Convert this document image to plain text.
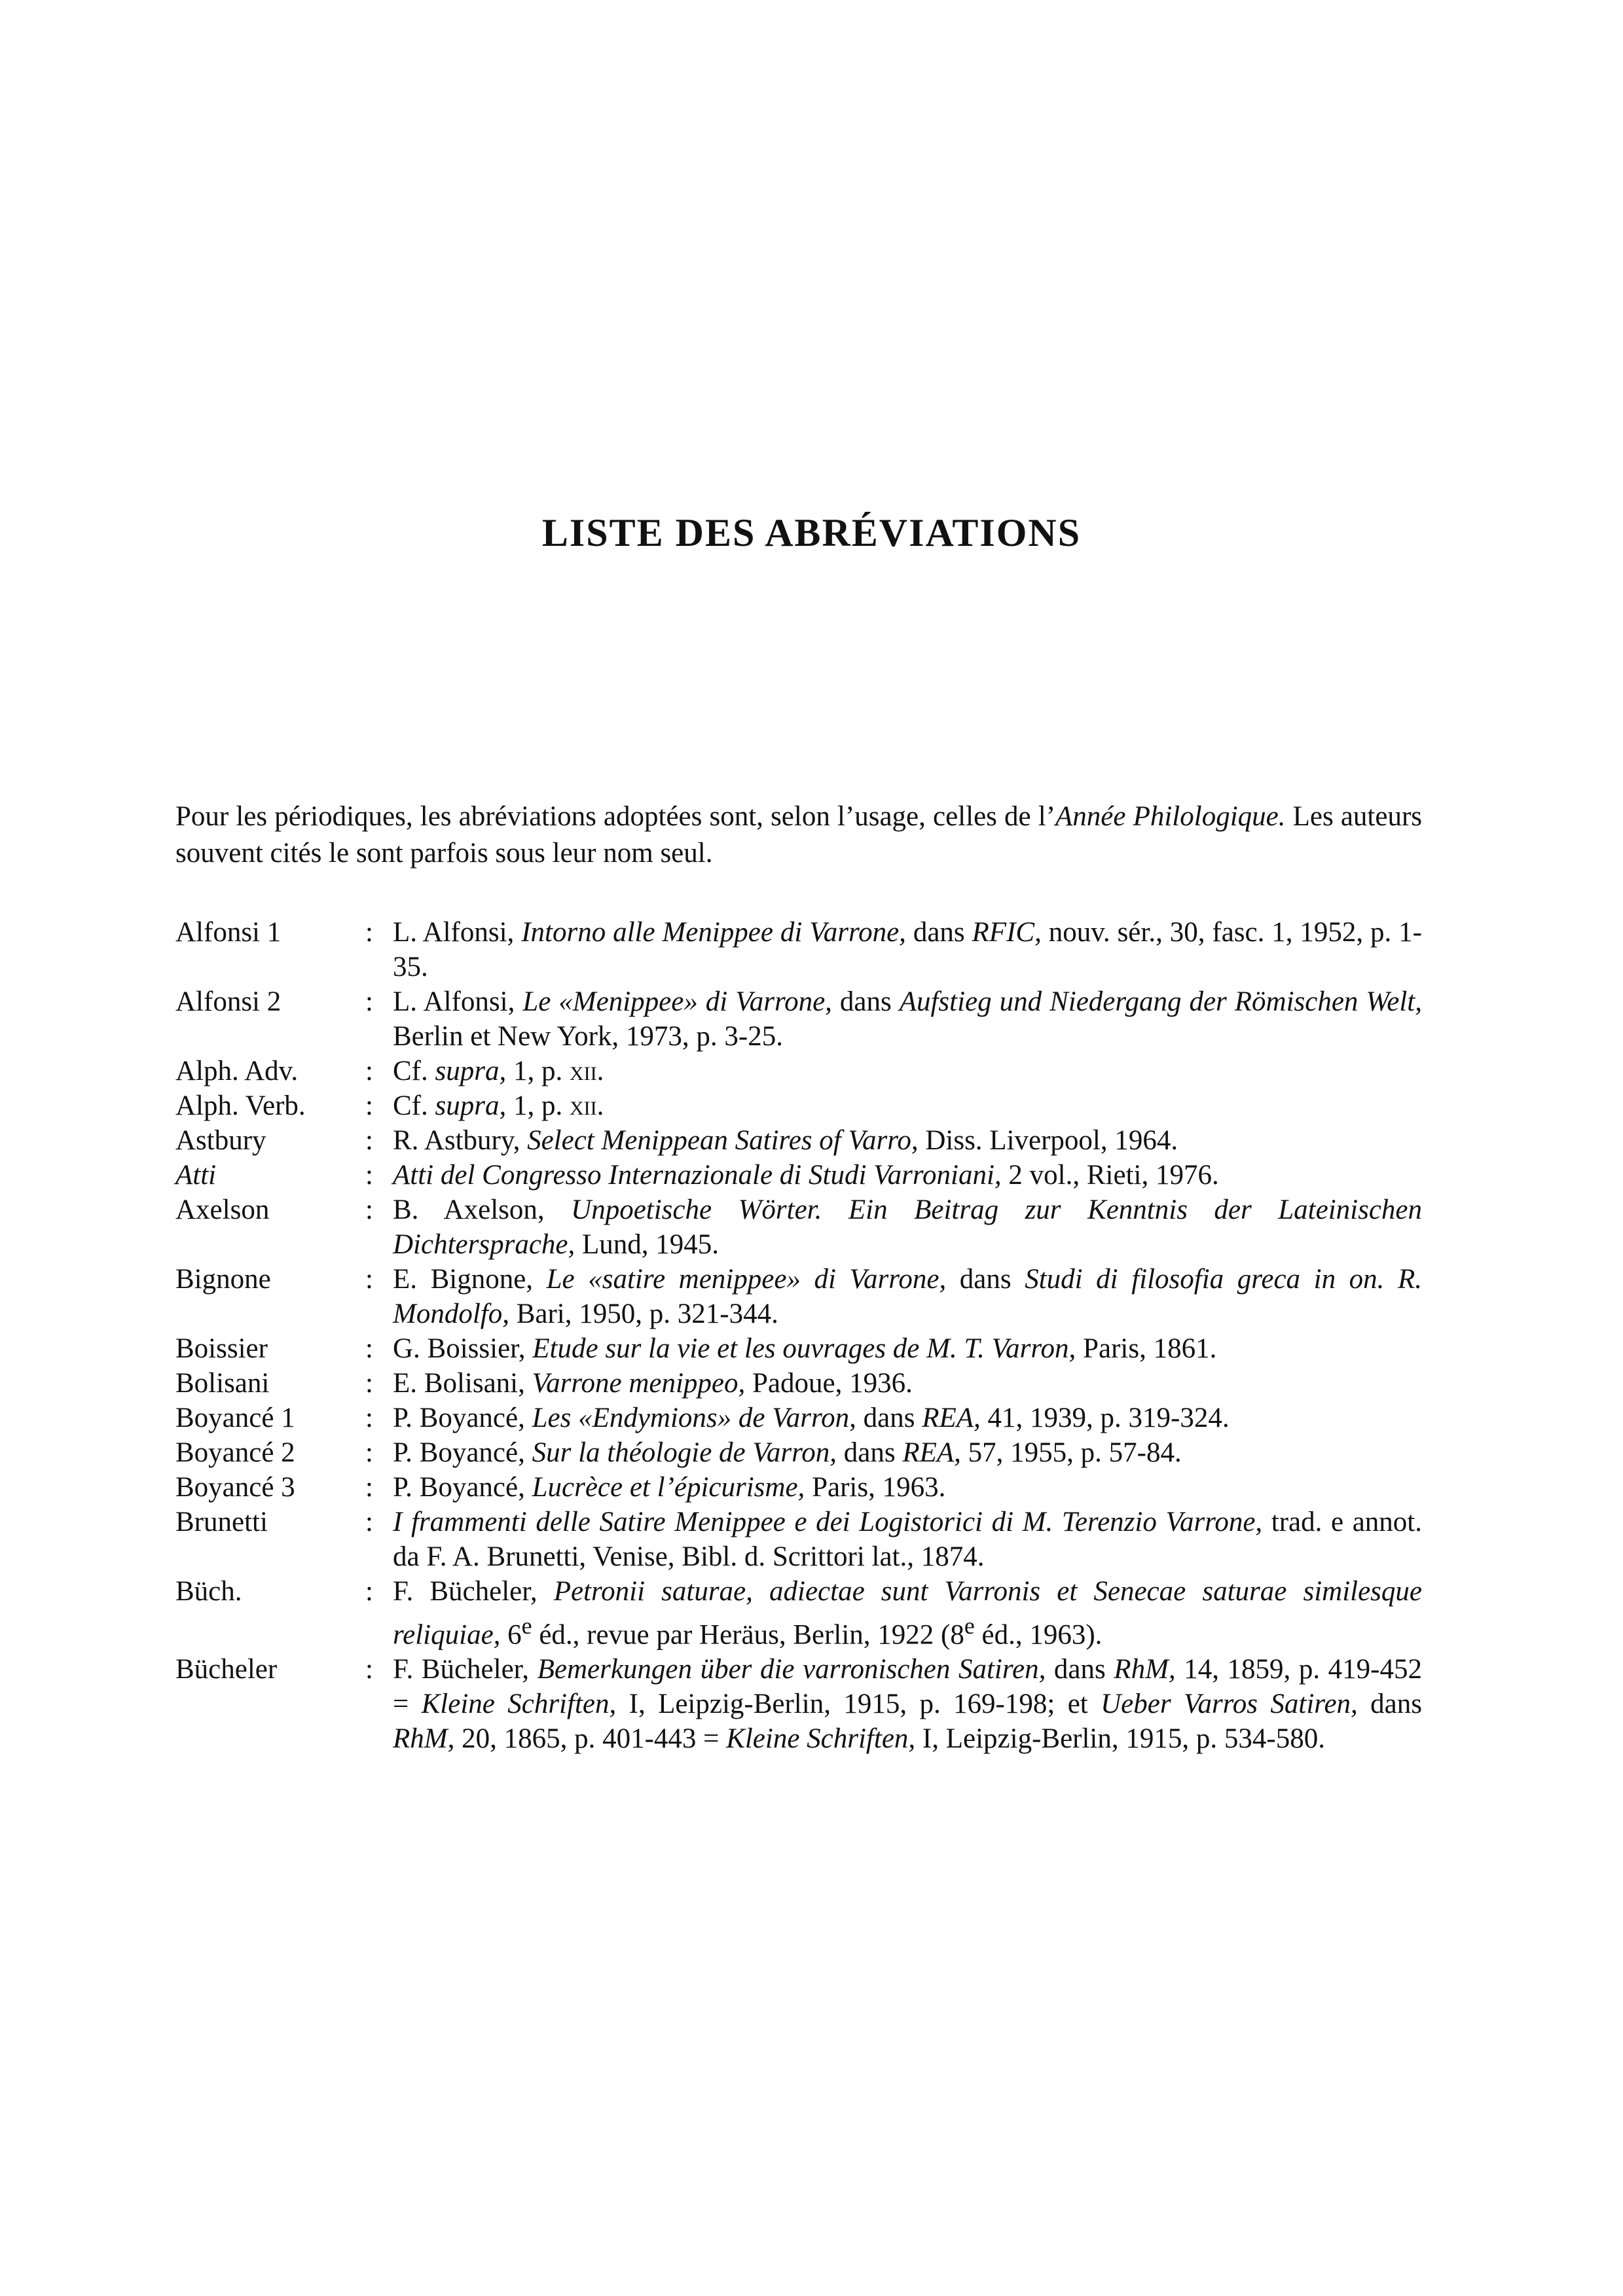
LISTE DES ABRÉVIATIONS

Pour les périodiques, les abréviations adoptées sont, selon l’usage, celles de l’Année Philologique. Les auteurs souvent cités le sont parfois sous leur nom seul.

Alfonsi 1	: L. Alfonsi, Intorno alle Menippee di Varrone, dans RFIC, nouv. sér., 30, fasc. 1, 1952, p. 1-35.
Alfonsi 2	: L. Alfonsi, Le «Menippee» di Varrone, dans Aufstieg und Niedergang der Römischen Welt, Berlin et New York, 1973, p. 3-25.
Alph. Adv.	: Cf. supra, 1, p. xii.
Alph. Verb.	: Cf. supra, 1, p. xii.
Astbury	: R. Astbury, Select Menippean Satires of Varro, Diss. Liverpool, 1964.
Atti	: Atti del Congresso Internazionale di Studi Varroniani, 2 vol., Rieti, 1976.
Axelson	: B. Axelson, Unpoetische Wörter. Ein Beitrag zur Kenntnis der Lateinischen Dichtersprache, Lund, 1945.
Bignone	: E. Bignone, Le «satire menippee» di Varrone, dans Studi di filosofia greca in on. R. Mondolfo, Bari, 1950, p. 321-344.
Boissier	: G. Boissier, Etude sur la vie et les ouvrages de M. T. Varron, Paris, 1861.
Bolisani	: E. Bolisani, Varrone menippeo, Padoue, 1936.
Boyancé 1	: P. Boyancé, Les «Endymions» de Varron, dans REA, 41, 1939, p. 319-324.
Boyancé 2	: P. Boyancé, Sur la théologie de Varron, dans REA, 57, 1955, p. 57-84.
Boyancé 3	: P. Boyancé, Lucrèce et l’épicurisme, Paris, 1963.
Brunetti	: I frammenti delle Satire Menippee e dei Logistorici di M. Terenzio Varrone, trad. e annot. da F. A. Brunetti, Venise, Bibl. d. Scrittori lat., 1874.
Büch.	: F. Bücheler, Petronii saturae, adiectae sunt Varronis et Senecae saturae similesque reliquiae, 6e éd., revue par Heräus, Berlin, 1922 (8e éd., 1963).
Bücheler	: F. Bücheler, Bemerkungen über die varronischen Satiren, dans RhM, 14, 1859, p. 419-452 = Kleine Schriften, I, Leipzig-Berlin, 1915, p. 169-198; et Ueber Varros Satiren, dans RhM, 20, 1865, p. 401-443 = Kleine Schriften, I, Leipzig-Berlin, 1915, p. 534-580.
